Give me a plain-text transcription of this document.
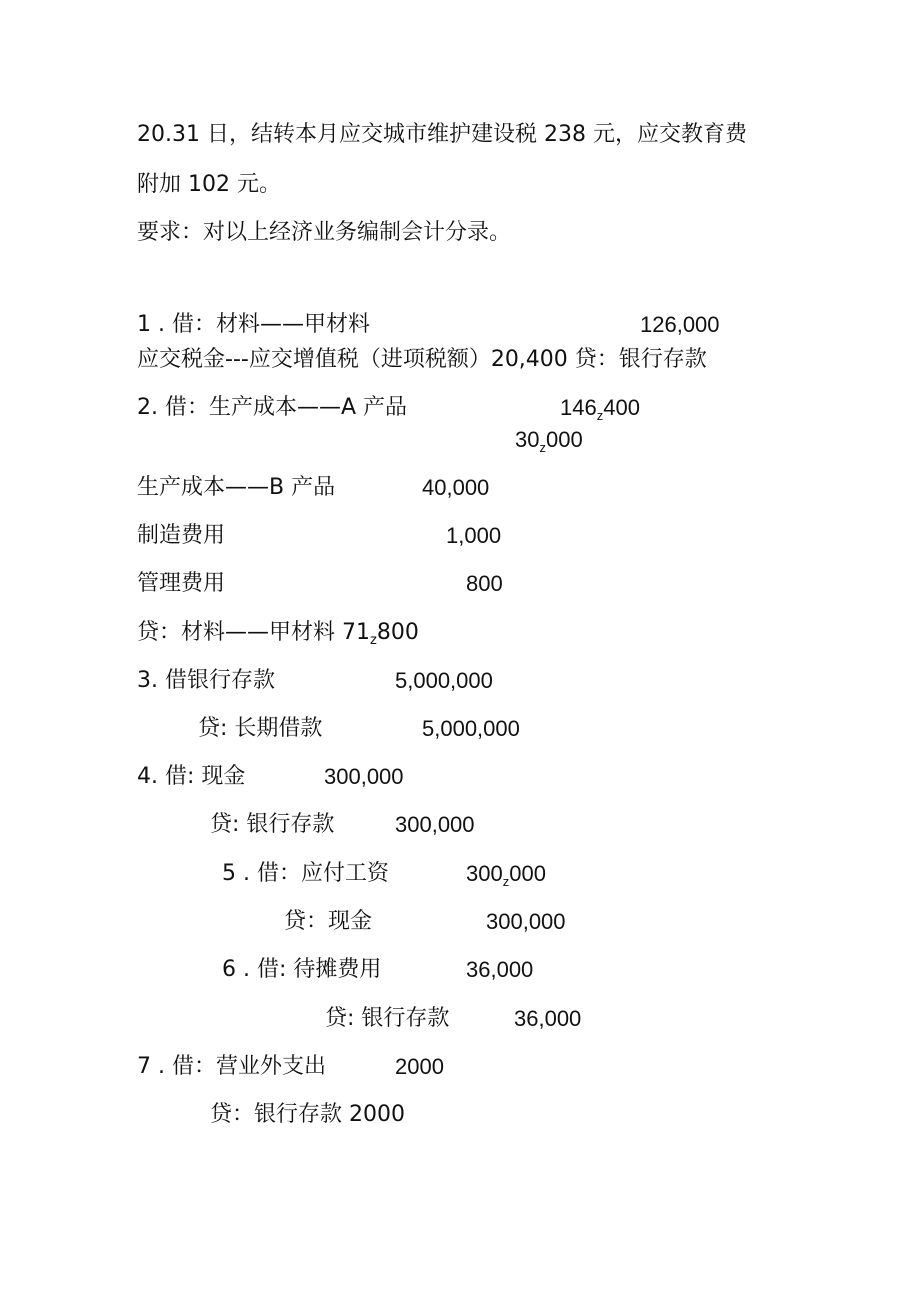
20.31 日，结转本月应交城市维护建设税 238 元，应交教育费
附加 102 元。
要求：对以上经济业务编制会计分录。
1 . 借：材料——甲材料	126,000
应交税金---应交增值税（进项税额）20,400 贷：银行存款
2. 借：生产成本——A 产品	$146_z400$
$30_z000$
生产成本——B 产品	40,000
制造费用	1,000
管理费用	800
贷：材料——甲材料 $71_z800$
3. 借银行存款	5,000,000
贷: 长期借款	5,000,000
4. 借: 现金	300,000
贷: 银行存款	300,000
5 . 借：应付工资	$300_z000$
贷：现金	300,000
6 . 借: 待摊费用	36,000
贷: 银行存款	36,000
7 . 借：营业外支出	2000
贷：银行存款 2000
